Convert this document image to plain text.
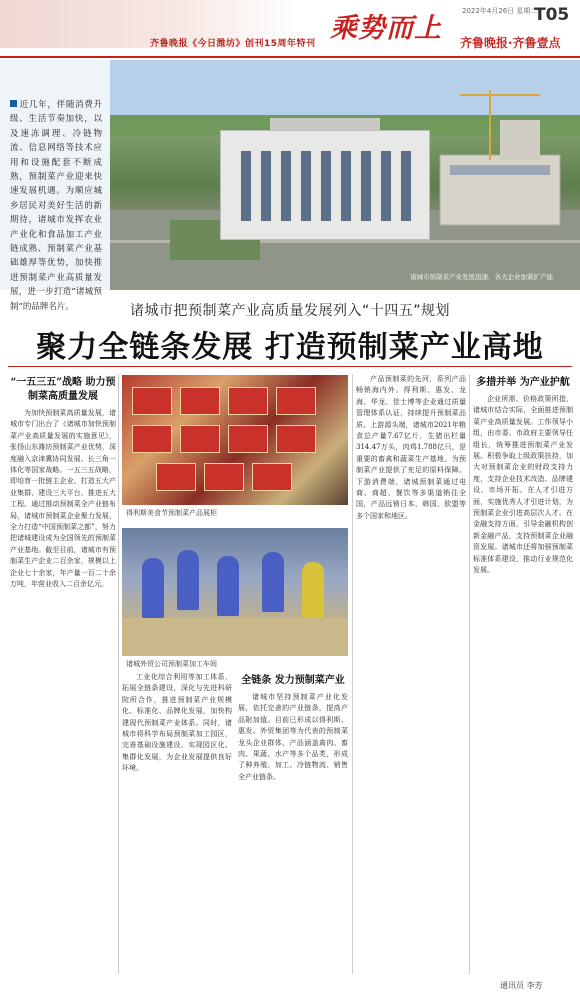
齐鲁晚报《今日潍坊》创刊15周年特刊 乘势而上
2022年4月26日 星期二
T05
齐鲁晚报·齐鲁壹点
近几年，伴随消费升级、生活节奏加快，以及速冻调理、冷链物流、信息网络等技术应用和设施配套不断成熟，预制菜产业迎来快速发展机遇。为顺应城乡居民对美好生活的新期待，诸城市发挥农业产业化和食品加工产业链成熟、预制菜产业基础雄厚等优势，加快推进预制菜产业高质量发展，进一步打造“诸城预制”的品牌名片。
诸城市预制菜产业发展迅速，各大企业加紧扩产能
诸城市把预制菜产业高质量发展列入“十四五”规划
聚力全链条发展 打造预制菜产业高地
“一五三五”战略 助力预制菜高质量发展

为加快预制菜高质量发展，诸城市专门出台了《诸城市加快预制菜产业高质量发展的实施意见》，张扬山东潍坊预制菜产业优势，深度融入京津冀协同发展、长三角一体化等国家战略。一五三五战略，即培育一批链主企业、打造五大产业集群、建设三大平台、推进五大工程。通过推动预制菜全产业链布局，诸城市预制菜企业聚力发展，全力打造“中国预制菜之都”，努力把诸城建设成为全国领先的预制菜产业基地。截至目前，诸城市有预制菜生产企业二百余家，规模以上企业七十余家，年产量一百二十余万吨，年营业收入二百余亿元。

得利斯美食节预制菜产品展柜
诸城外贸公司预制菜加工车间

工业化综合利用等加工体系，拓展全链条建设，深化与先进科研院所合作，推进预制菜产业规模化、标准化、品牌化发展，加快构建现代预制菜产业体系。同时，诸城市将科学布局预制菜加工园区，完善基础设施建设，实现园区化、集群化发展，为企业发展提供良好环境。

全链条 发力预制菜产业

诸城市坚持预制菜产业化发展，依托完善的产业链条，提高产品附加值。目前已形成以得利斯、惠发、外贸集团等为代表的预制菜龙头企业群体，产品涵盖禽肉、畜肉、果蔬、水产等多个品类，形成了种养殖、加工、冷链物流、销售全产业链条。

产品预制菜的先河，系列产品畅销海内外。得利斯、惠发、龙海、华龙、佳士博等企业通过质量管理体系认证，持续提升预制菜品质。上游源头端，诸城市2021年粮食总产量7.67亿斤，生猪出栏量314.47万头，肉鸡1.788亿只，是重要的畜禽和蔬菜生产基地，为预制菜产业提供了充足的原料保障。下游消费端，诸城预制菜通过电商、商超、餐饮等多渠道销往全国，产品远销日本、韩国、欧盟等多个国家和地区。

多措并举 为产业护航

企业所需、价格政策所指，诸城市结合实际，全面推进预制菜产业高质量发展。工作领导小组，由市委、市政府主要领导任组长，统筹推进预制菜产业发展。积极争取上级政策扶持，加大对预制菜企业的财政支持力度，支持企业技术改造、品牌建设、市场开拓。在人才引进方面，实施优秀人才引进计划，为预制菜企业引进高层次人才。在金融支持方面，引导金融机构创新金融产品，支持预制菜企业融资发展。诸城市还将加强预制菜标准体系建设，推动行业规范化发展。

通讯员 李芳
